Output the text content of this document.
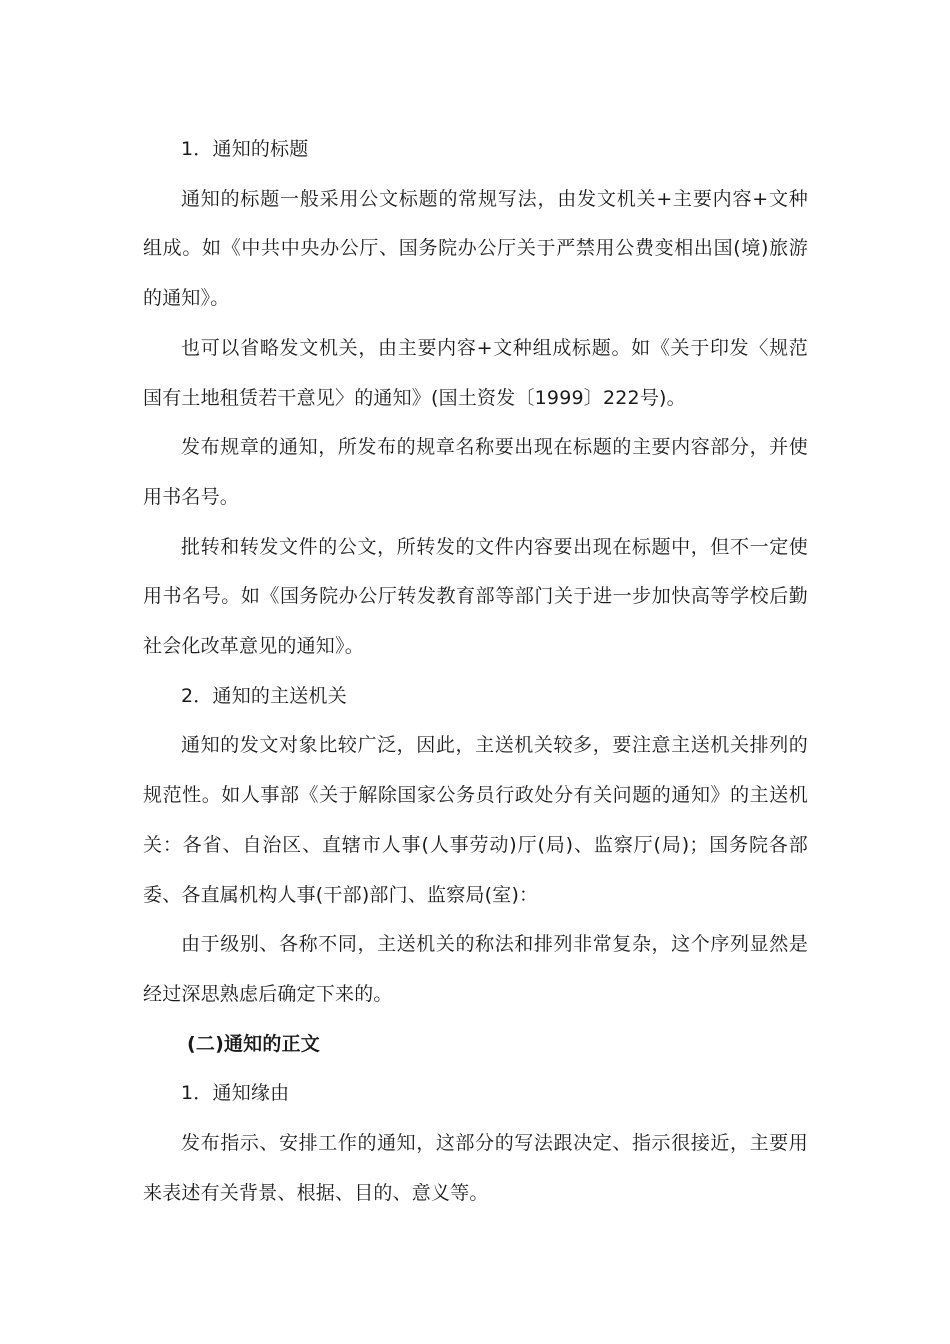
1．通知的标题

通知的标题一般采用公文标题的常规写法，由发文机关+主要内容+文种组成。如《中共中央办公厅、国务院办公厅关于严禁用公费变相出国(境)旅游的通知》。

也可以省略发文机关，由主要内容+文种组成标题。如《关于印发〈规范国有土地租赁若干意见〉的通知》(国土资发〔1999〕222号)。

发布规章的通知，所发布的规章名称要出现在标题的主要内容部分，并使用书名号。

批转和转发文件的公文，所转发的文件内容要出现在标题中，但不一定使用书名号。如《国务院办公厅转发教育部等部门关于进一步加快高等学校后勤社会化改革意见的通知》。

2．通知的主送机关

通知的发文对象比较广泛，因此，主送机关较多，要注意主送机关排列的规范性。如人事部《关于解除国家公务员行政处分有关问题的通知》的主送机关：各省、自治区、直辖市人事(人事劳动)厅(局)、监察厅(局)；国务院各部委、各直属机构人事(干部)部门、监察局(室)：

由于级别、各称不同，主送机关的称法和排列非常复杂，这个序列显然是经过深思熟虑后确定下来的。

(二)通知的正文

1．通知缘由

发布指示、安排工作的通知，这部分的写法跟决定、指示很接近，主要用来表述有关背景、根据、目的、意义等。
